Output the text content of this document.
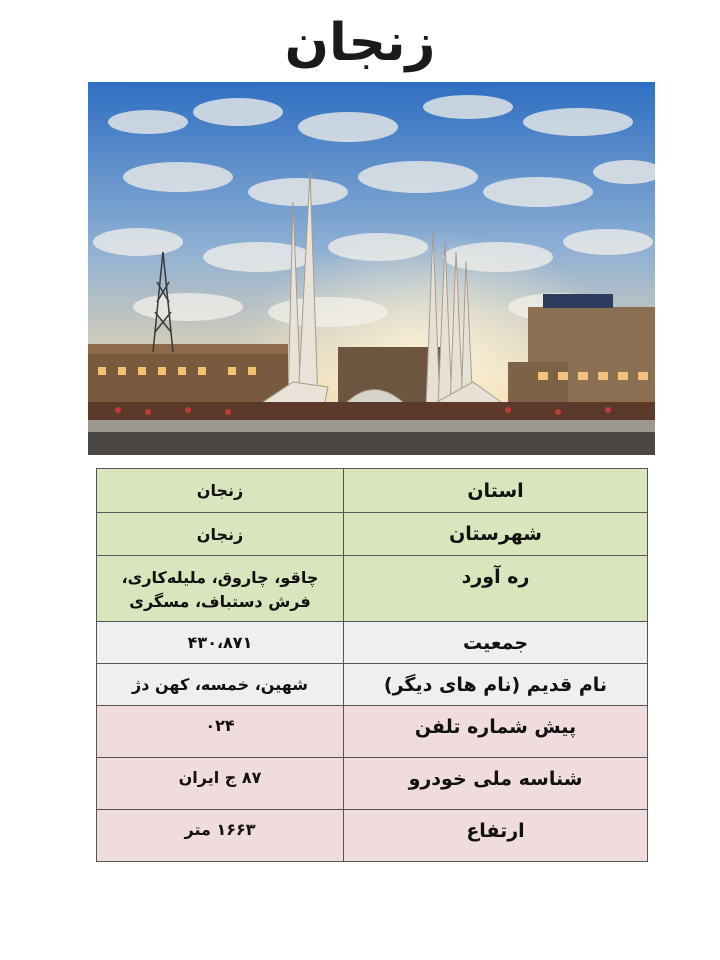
زنجان
استان	زنجان
شهرستان	زنجان
ره آورد	چاقو، چاروق، ملیله‌کاری،
فرش دستباف، مسگری

جمعیت	۴۳۰،۸۷۱
نام قدیم (نام های دیگر)	شهین، خمسه، کهن دژ
پیش شماره تلفن	۰۲۴
شناسه ملی خودرو	۸۷ ج ایران
ارتفاع	۱۶۶۳ متر
